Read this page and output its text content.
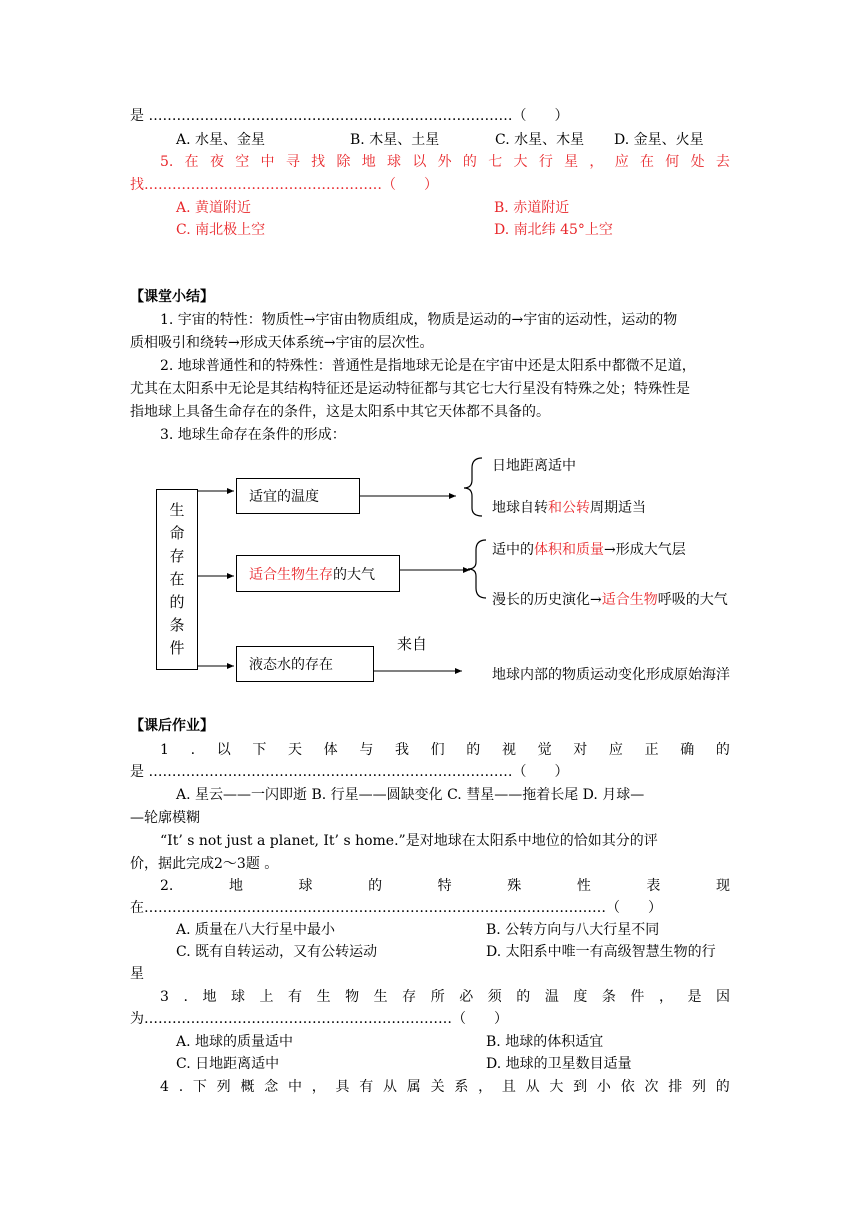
是 ……………………………………………………………………（　　）
A. 水星、金星	B. 木星、土星	C. 水星、木星 D. 金星、火星
5. 在 夜 空 中 寻 找 除 地 球 以 外 的 七 大 行 星 ， 应 在 何 处 去
找……………………………………………（　　）
A. 黄道附近	B. 赤道附近
C. 南北极上空	D. 南北纬 45°上空
【课堂小结】
1. 宇宙的特性：物质性→宇宙由物质组成，物质是运动的→宇宙的运动性，运动的物
质相吸引和绕转→形成天体系统→宇宙的层次性。
2. 地球普通性和的特殊性：普通性是指地球无论是在宇宙中还是太阳系中都微不足道，
尤其在太阳系中无论是其结构特征还是运动特征都与其它七大行星没有特殊之处；特殊性是
指地球上具备生命存在的条件，这是太阳系中其它天体都不具备的。
3. 地球生命存在条件的形成：
生
命
存
在
的
条
件
适宜的温度
适合生物生存 的大气
液态水的存在
日地距离适中
地球自转和公转周期适当
适中的体积和质量→形成大气层
漫长的历史演化→适合生物呼吸的大气
来自
地球内部的物质运动变化形成原始海洋
【课后作业】
1 . 以 下 天 体 与 我 们 的 视 觉 对 应 正 确 的
是 ……………………………………………………………………（　　）
A. 星云——一闪即逝 B. 行星——圆缺变化 C. 彗星——拖着长尾 D. 月球—
—轮廓模糊
“It’ s not just a planet, It’ s home.”是对地球在太阳系中地位的恰如其分的评
价，据此完成2～3题 。
2.	地	球	的	特	殊	性	表	现
在………………………………………………………………………………………（　　）
A. 质量在八大行星中最小	B. 公转方向与八大行星不同
C. 既有自转运动，又有公转运动	D. 太阳系中唯一有高级智慧生物的行
星
3 . 地 球 上 有 生 物 生 存 所 必 须 的 温 度 条 件 ， 是 因
为…………………………………………………………（　　）
A. 地球的质量适中	B. 地球的体积适宜
C. 日地距离适中	D. 地球的卫星数目适量
4 . 下 列 概 念 中 ， 具 有 从 属 关 系 ， 且 从 大 到 小 依 次 排 列 的
